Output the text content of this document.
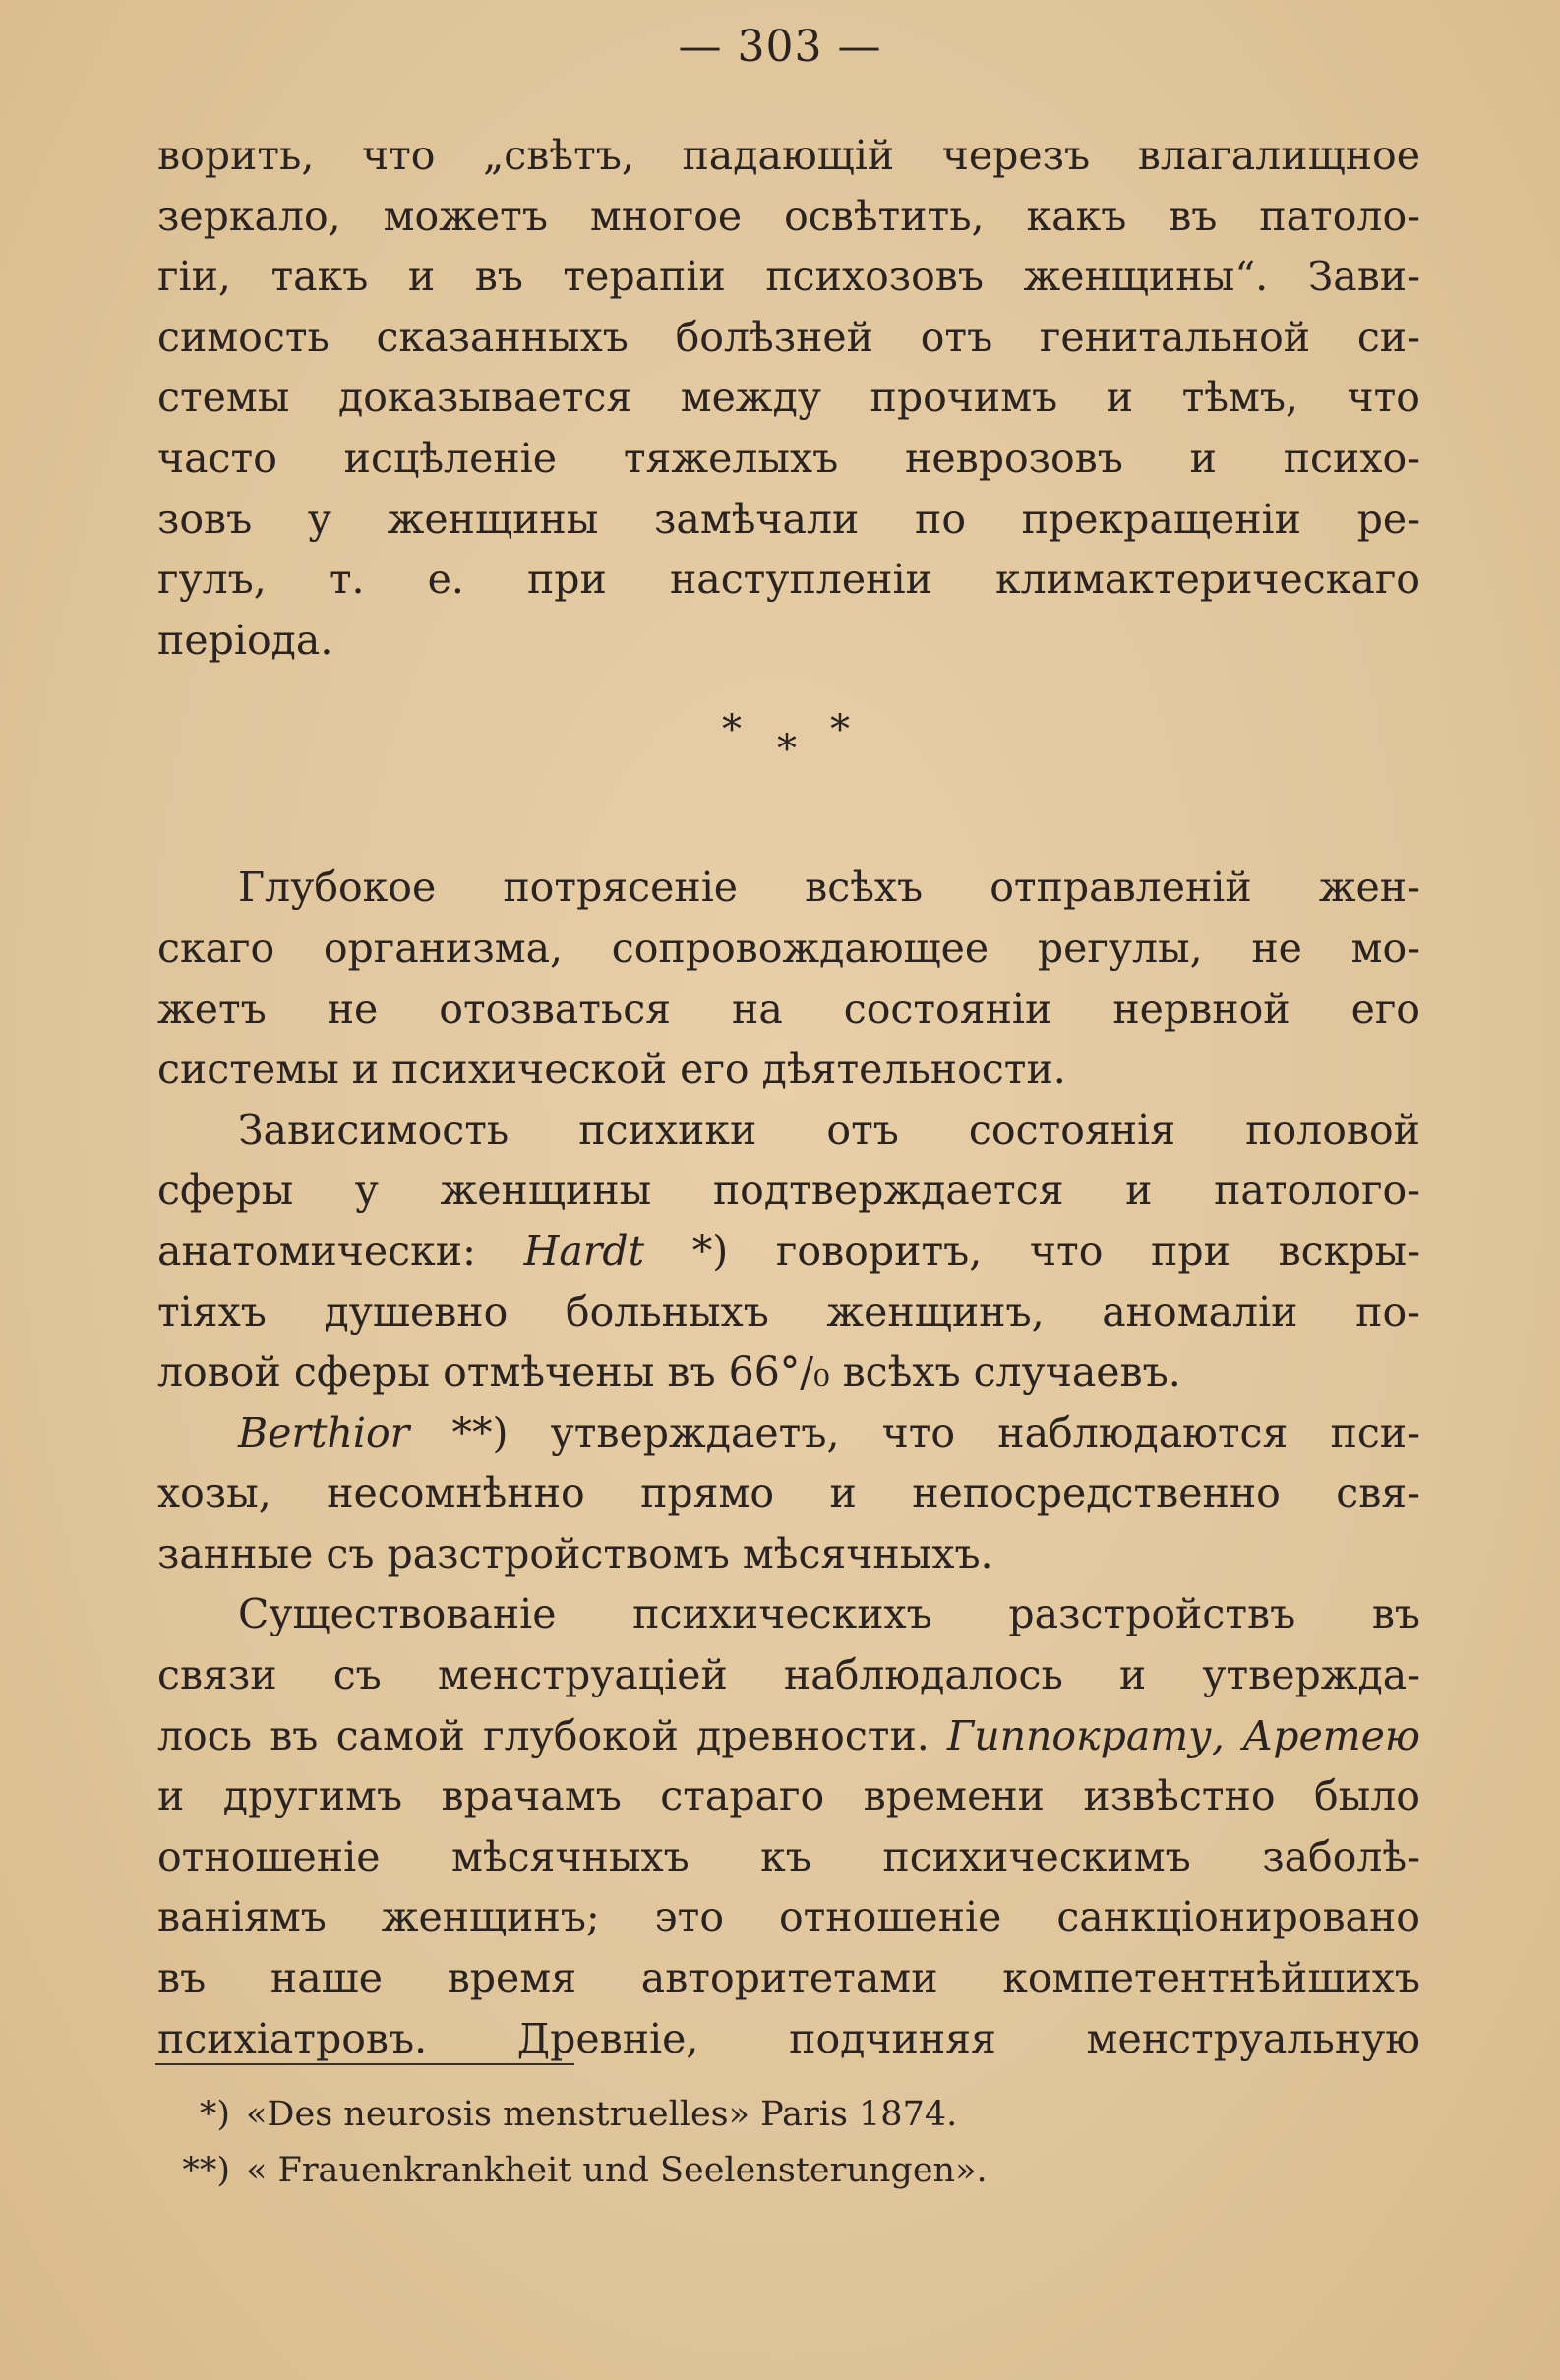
— 303 —
ворить, что „свѣтъ, падающій черезъ влагалищное
зеркало, можетъ многое освѣтить, какъ въ патоло-
гіи, такъ и въ терапіи психозовъ женщины“. Зави-
симость сказанныхъ болѣзней отъ генитальной си-
стемы доказывается между прочимъ и тѣмъ, что
часто исцѣленіе тяжелыхъ неврозовъ и психо-
зовъ у женщины замѣчали по прекращеніи ре-
гулъ, т. е. при наступленіи климактерическаго
періода.
* * *
Глубокое потрясеніе всѣхъ отправленій жен-
скаго организма, сопровождающее регулы, не мо-
жетъ не отозваться на состояніи нервной его
системы и психической его дѣятельности.
Зависимость психики отъ состоянія половой
сферы у женщины подтверждается и патолого-
анатомически: Hardt *) говоритъ, что при вскры-
тіяхъ душевно больныхъ женщинъ, аномаліи по-
ловой сферы отмѣчены въ 66°/₀ всѣхъ случаевъ.
Berthior **) утверждаетъ, что наблюдаются пси-
хозы, несомнѣнно прямо и непосредственно свя-
занные съ разстройствомъ мѣсячныхъ.
Существованіе психическихъ разстройствъ въ
связи съ менструаціей наблюдалось и утвержда-
лось въ самой глубокой древности. Гиппократу, Аретею
и другимъ врачамъ стараго времени извѣстно было
отношеніе мѣсячныхъ къ психическимъ заболѣ-
ваніямъ женщинъ; это отношеніе санкціонировано
въ наше время авторитетами компетентнѣйшихъ
психіатровъ. Древніе, подчиняя менструальную
*) «Des neurosis menstruelles» Paris 1874.
**) « Frauenkrankheit und Seelensterungen».
